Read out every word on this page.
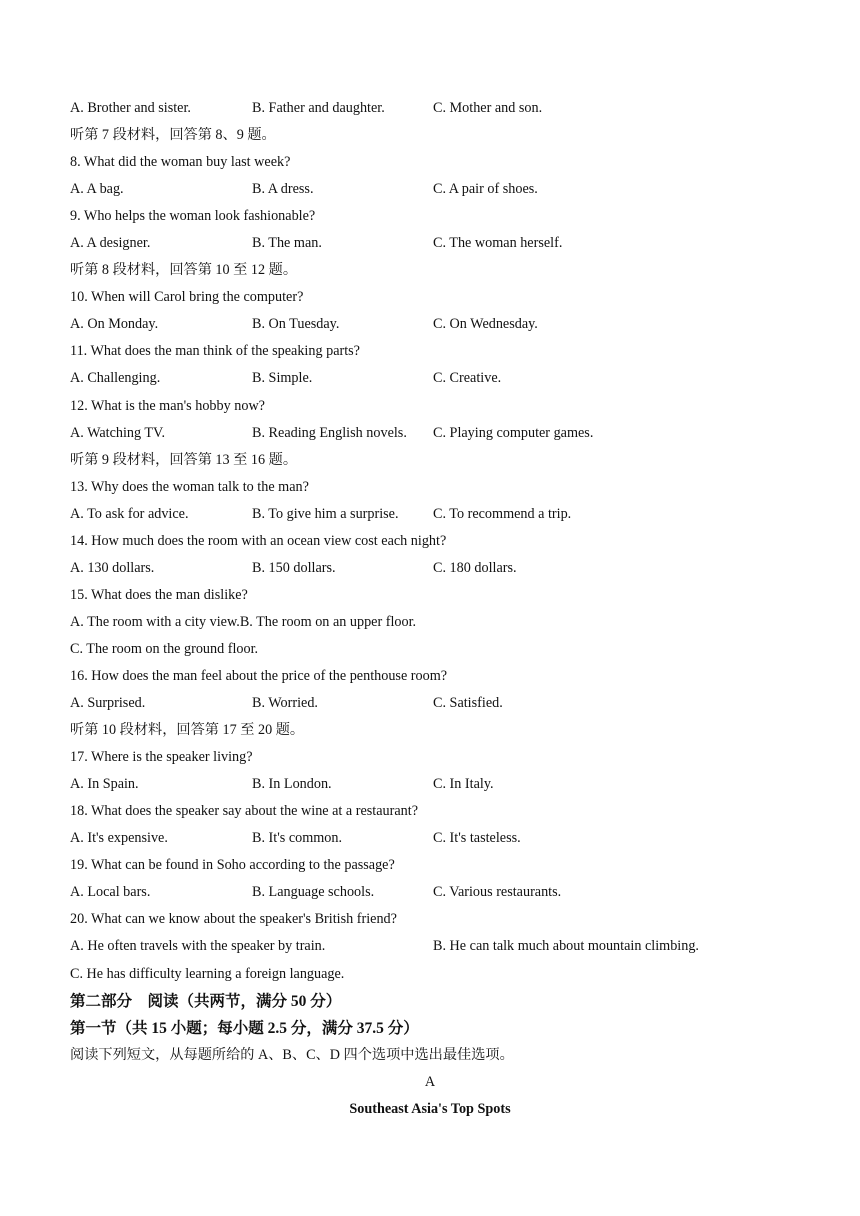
A. Brother and sister.	B. Father and daughter.	C. Mother and son.
听第 7 段材料，回答第 8、9 题。
8. What did the woman buy last week?
A. A bag.	B. A dress.	C. A pair of shoes.
9. Who helps the woman look fashionable?
A. A designer.	B. The man.	C. The woman herself.
听第 8 段材料，回答第 10 至 12 题。
10. When will Carol bring the computer?
A. On Monday.	B. On Tuesday.	C. On Wednesday.
11. What does the man think of the speaking parts?
A. Challenging.	B. Simple.	C. Creative.
12. What is the man's hobby now?
A. Watching TV.	B. Reading English novels. C. Playing computer games.
听第 9 段材料，回答第 13 至 16 题。
13. Why does the woman talk to the man?
A. To ask for advice.	B. To give him a surprise. C. To recommend a trip.
14. How much does the room with an ocean view cost each night?
A. 130 dollars.	B. 150 dollars.	C. 180 dollars.
15. What does the man dislike?
A. The room with a city view.B. The room on an upper floor.
C. The room on the ground floor.
16. How does the man feel about the price of the penthouse room?
A. Surprised.	B. Worried.	C. Satisfied.
听第 10 段材料，回答第 17 至 20 题。
17. Where is the speaker living?
A. In Spain.	B. In London.	C. In Italy.
18. What does the speaker say about the wine at a restaurant?
A. It's expensive.	B. It's common.	C. It's tasteless.
19. What can be found in Soho according to the passage?
A. Local bars.	B. Language schools.	C. Various restaurants.
20. What can we know about the speaker's British friend?
A. He often travels with the speaker by train.	B. He can talk much about mountain climbing.
C. He has difficulty learning a foreign language.
第二部分　阅读（共两节，满分 50 分）
第一节（共 15 小题；每小题 2.5 分，满分 37.5 分）
阅读下列短文，从每题所给的 A、B、C、D 四个选项中选出最佳选项。
A
Southeast Asia's Top Spots
